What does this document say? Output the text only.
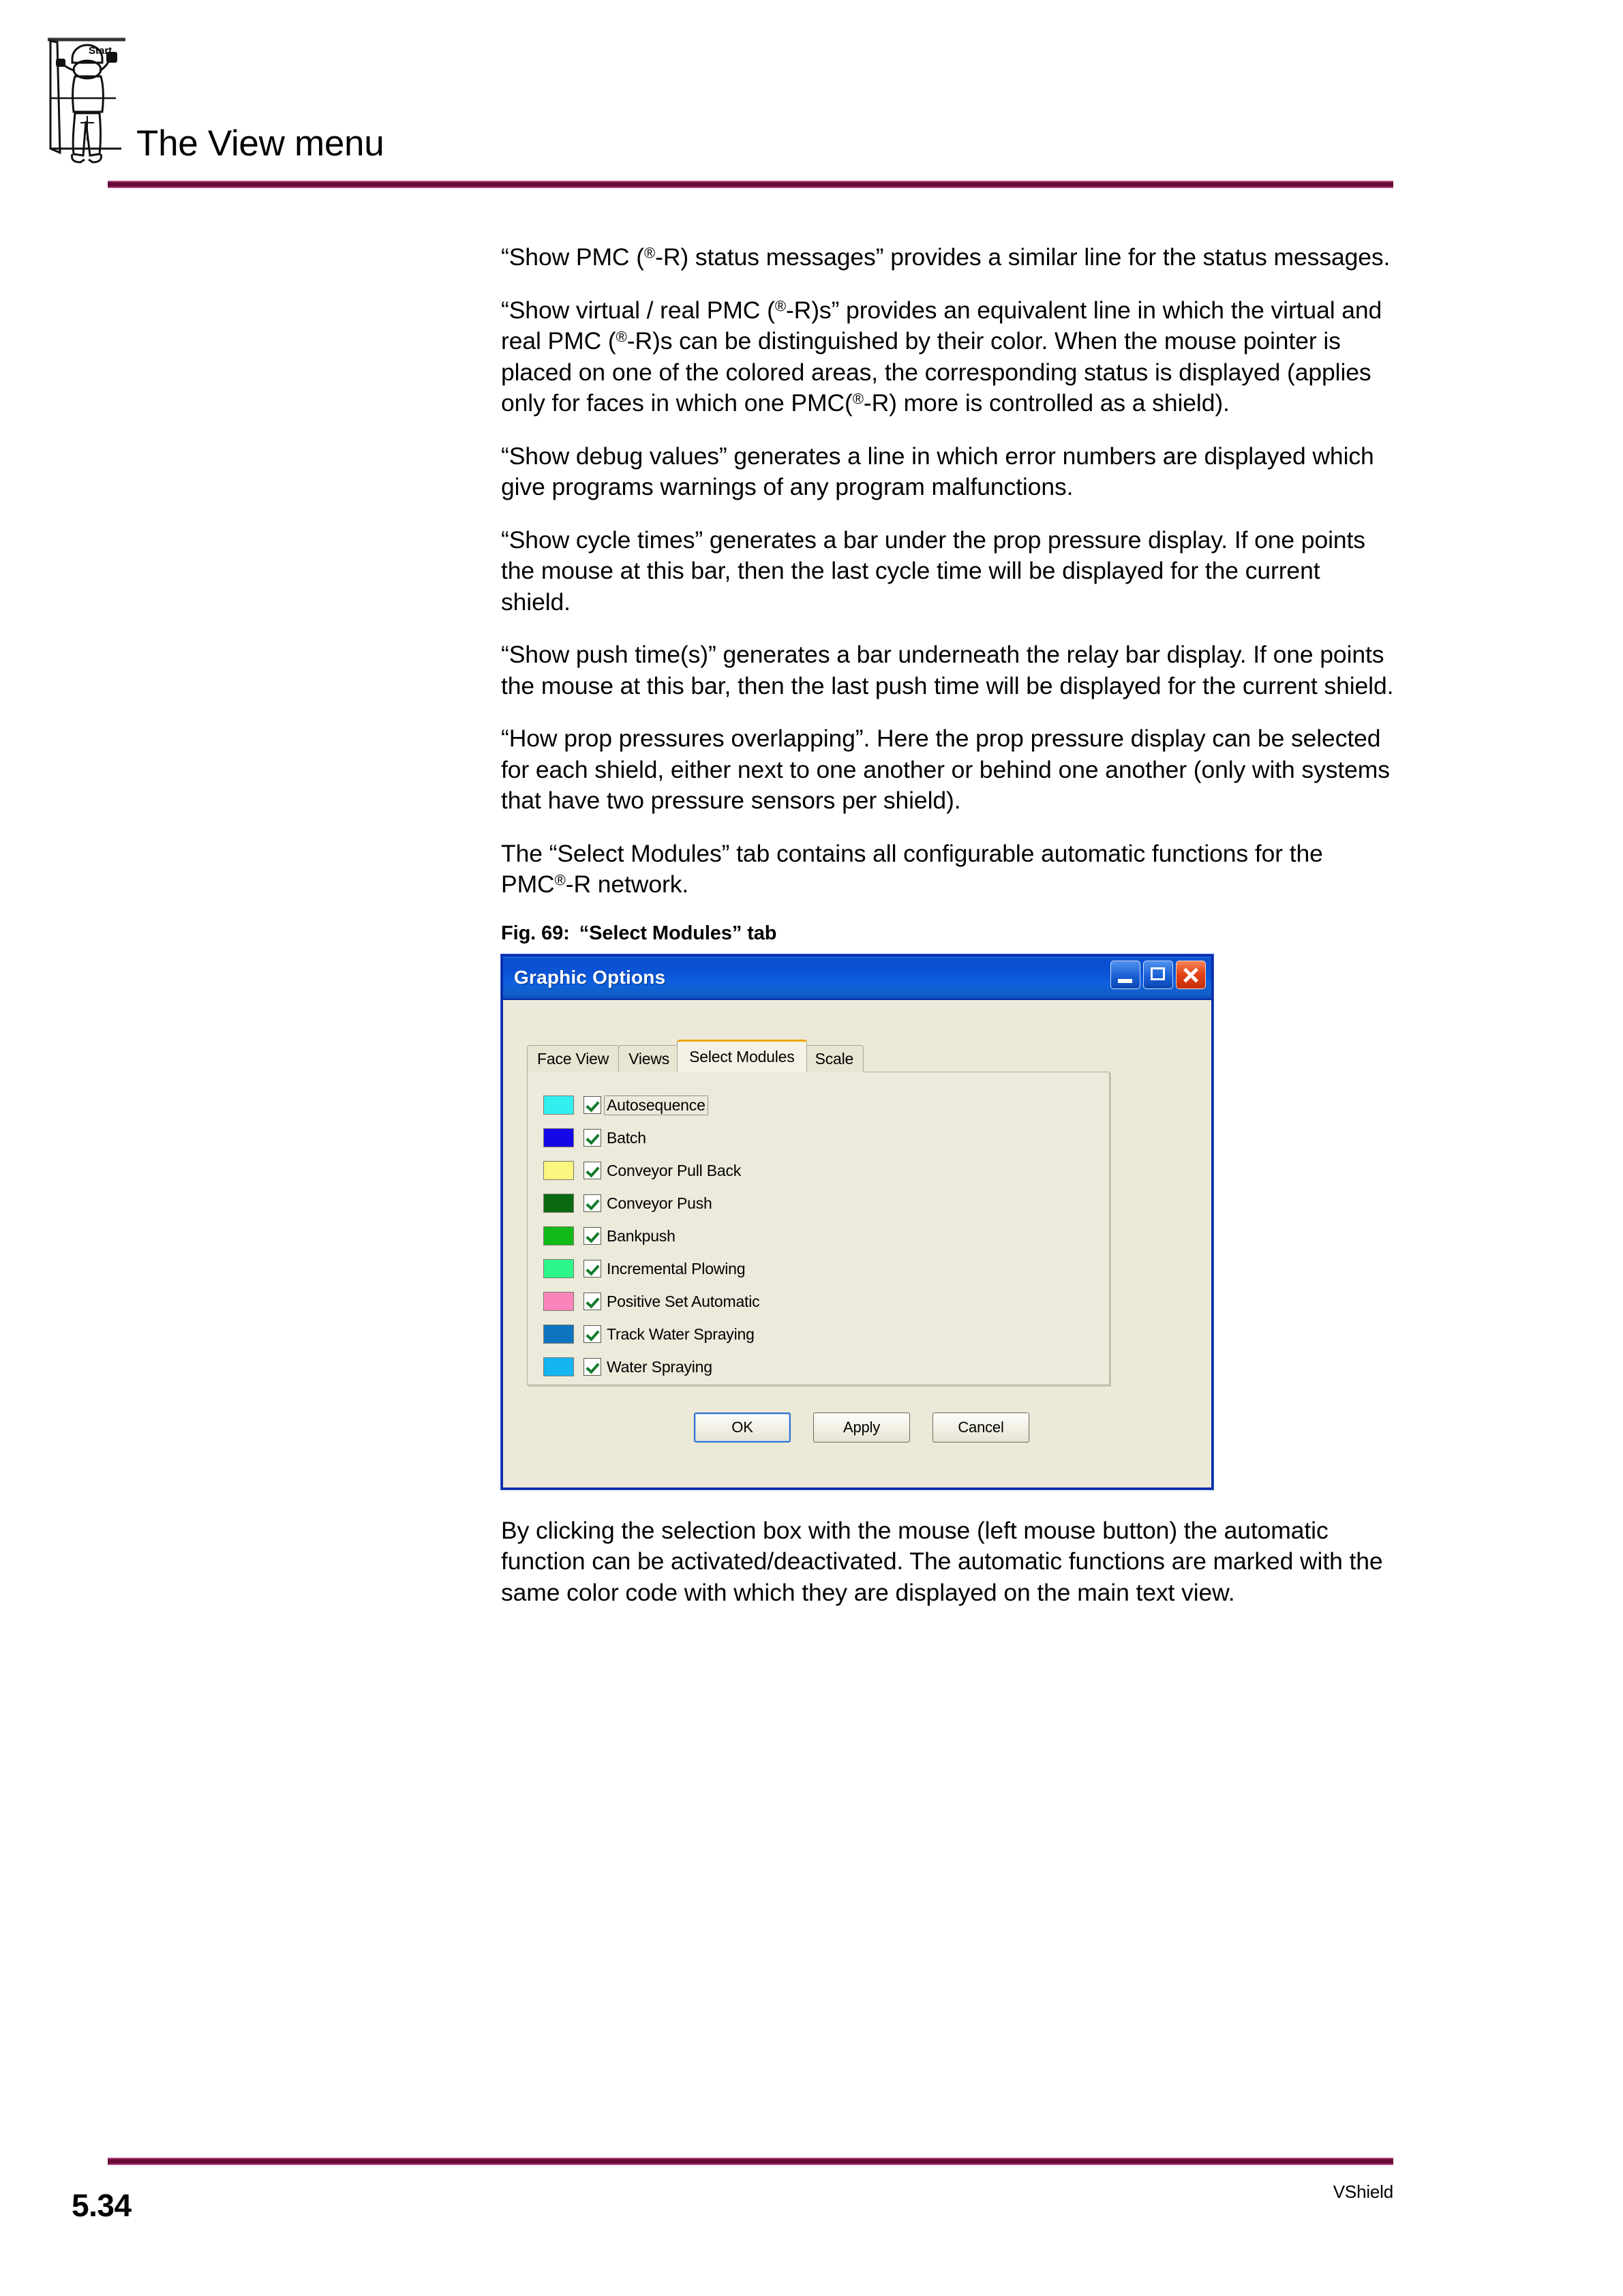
Start
The View menu

“Show PMC (®-R) status messages” provides a similar line for the status messages.

“Show virtual / real PMC (®-R)s” provides an equivalent line in which the virtual and real PMC (®-R)s can be distinguished by their color. When the mouse pointer is placed on one of the colored areas, the corresponding status is displayed (applies only for faces in which one PMC(®-R) more is controlled as a shield).

“Show debug values” generates a line in which error numbers are displayed which give programs warnings of any program malfunctions.

“Show cycle times” generates a bar under the prop pressure display. If one points the mouse at this bar, then the last cycle time will be displayed for the current shield.

“Show push time(s)” generates a bar underneath the relay bar display. If one points the mouse at this bar, then the last push time will be displayed for the current shield.

“How prop pressures overlapping”. Here the prop pressure display can be selected for each shield, either next to one another or behind one another (only with systems that have two pressure sensors per shield).

The “Select Modules” tab contains all configurable automatic functions for the PMC®-R network.

Fig. 69: “Select Modules” tab
Graphic Options
Face View	Views	Select Modules	Scale
Autosequence
Batch
Conveyor Pull Back
Conveyor Push
Bankpush
Incremental Plowing
Positive Set Automatic
Track Water Spraying
Water Spraying
OK	Apply	Cancel

By clicking the selection box with the mouse (left mouse button) the automatic function can be activated/deactivated. The automatic functions are marked with the same color code with which they are displayed on the main text view.

5.34	VShield
